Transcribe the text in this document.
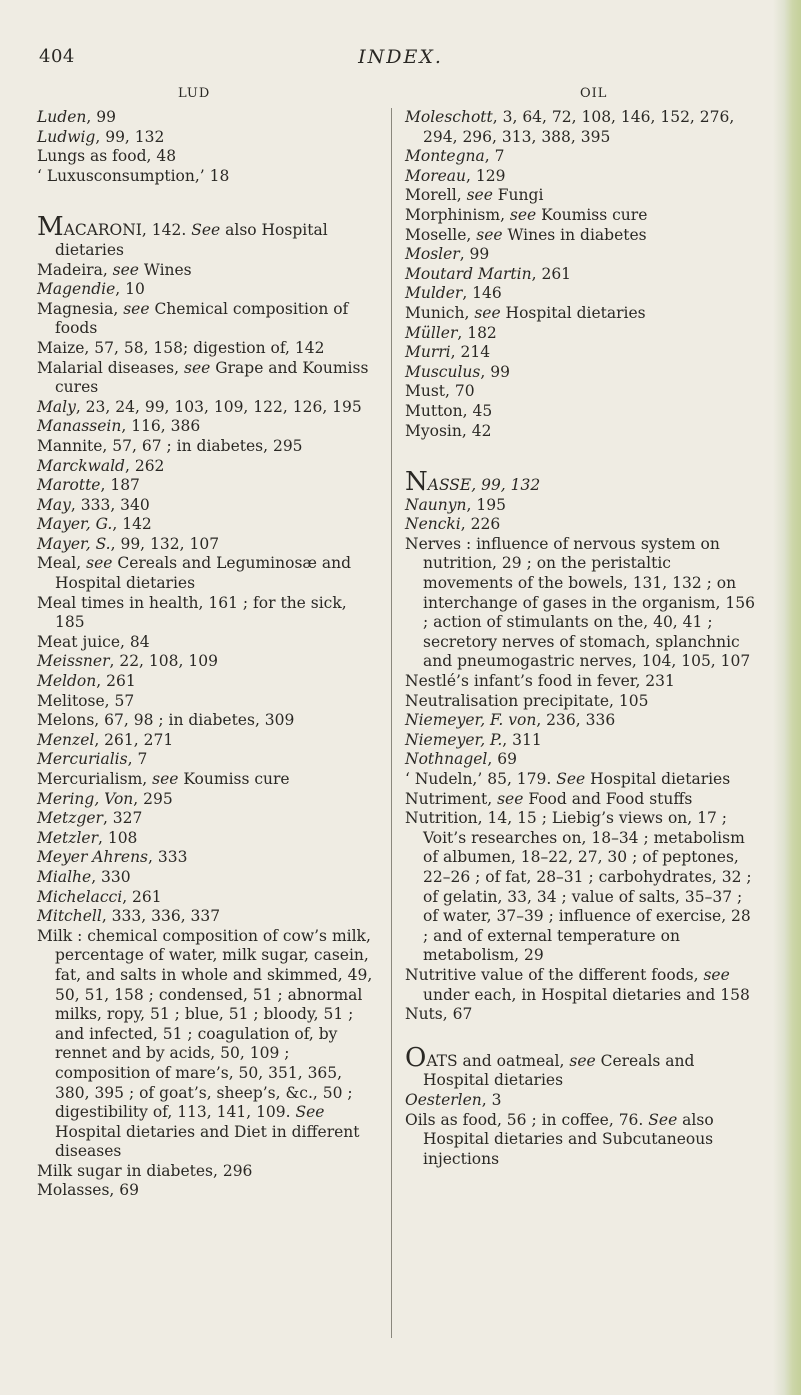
404	INDEX.
LUD	OIL

Luden, 99

Ludwig, 99, 132

Lungs as food, 48

‘ Luxusconsumption,’ 18

MACARONI, 142. See also Hospital dietaries

Madeira, see Wines

Magendie, 10

Magnesia, see Chemical composition of foods

Maize, 57, 58, 158; digestion of, 142

Malarial diseases, see Grape and Koumiss cures

Maly, 23, 24, 99, 103, 109, 122, 126, 195

Manassein, 116, 386

Mannite, 57, 67 ; in diabetes, 295

Marckwald, 262

Marotte, 187

May, 333, 340

Mayer, G., 142

Mayer, S., 99, 132, 107

Meal, see Cereals and Leguminosæ and Hospital dietaries

Meal times in health, 161 ; for the sick, 185

Meat juice, 84

Meissner, 22, 108, 109

Meldon, 261

Melitose, 57

Melons, 67, 98 ; in diabetes, 309

Menzel, 261, 271

Mercurialis, 7

Mercurialism, see Koumiss cure

Mering, Von, 295

Metzger, 327

Metzler, 108

Meyer Ahrens, 333

Mialhe, 330

Michelacci, 261

Mitchell, 333, 336, 337

Milk : chemical composition of cow’s milk, percentage of water, milk sugar, casein, fat, and salts in whole and skimmed, 49, 50, 51, 158 ; condensed, 51 ; abnormal milks, ropy, 51 ; blue, 51 ; bloody, 51 ; and infected, 51 ; coagulation of, by rennet and by acids, 50, 109 ; composition of mare’s, 50, 351, 365, 380, 395 ; of goat’s, sheep’s, &c., 50 ; digestibility of, 113, 141, 109. See Hospital dietaries and Diet in different diseases

Milk sugar in diabetes, 296

Molasses, 69

Moleschott, 3, 64, 72, 108, 146, 152, 276, 294, 296, 313, 388, 395

Montegna, 7

Moreau, 129

Morell, see Fungi

Morphinism, see Koumiss cure

Moselle, see Wines in diabetes

Mosler, 99

Moutard Martin, 261

Mulder, 146

Munich, see Hospital dietaries

Müller, 182

Murri, 214

Musculus, 99

Must, 70

Mutton, 45

Myosin, 42

NASSE, 99, 132

Naunyn, 195

Nencki, 226

Nerves : influence of nervous system on nutrition, 29 ; on the peristaltic movements of the bowels, 131, 132 ; on interchange of gases in the organism, 156 ; action of stimulants on the, 40, 41 ; secretory nerves of stomach, splanchnic and pneumogastric nerves, 104, 105, 107

Nestlé’s infant’s food in fever, 231

Neutralisation precipitate, 105

Niemeyer, F. von, 236, 336

Niemeyer, P., 311

Nothnagel, 69

‘ Nudeln,’ 85, 179. See Hospital dietaries

Nutriment, see Food and Food stuffs

Nutrition, 14, 15 ; Liebig’s views on, 17 ; Voit’s researches on, 18–34 ; metabolism of albumen, 18–22, 27, 30 ; of peptones, 22–26 ; of fat, 28–31 ; carbohydrates, 32 ; of gelatin, 33, 34 ; value of salts, 35–37 ; of water, 37–39 ; influence of exercise, 28 ; and of external temperature on metabolism, 29

Nutritive value of the different foods, see under each, in Hospital dietaries and 158

Nuts, 67

OATS and oatmeal, see Cereals and Hospital dietaries

Oesterlen, 3

Oils as food, 56 ; in coffee, 76. See also Hospital dietaries and Subcutaneous injections
